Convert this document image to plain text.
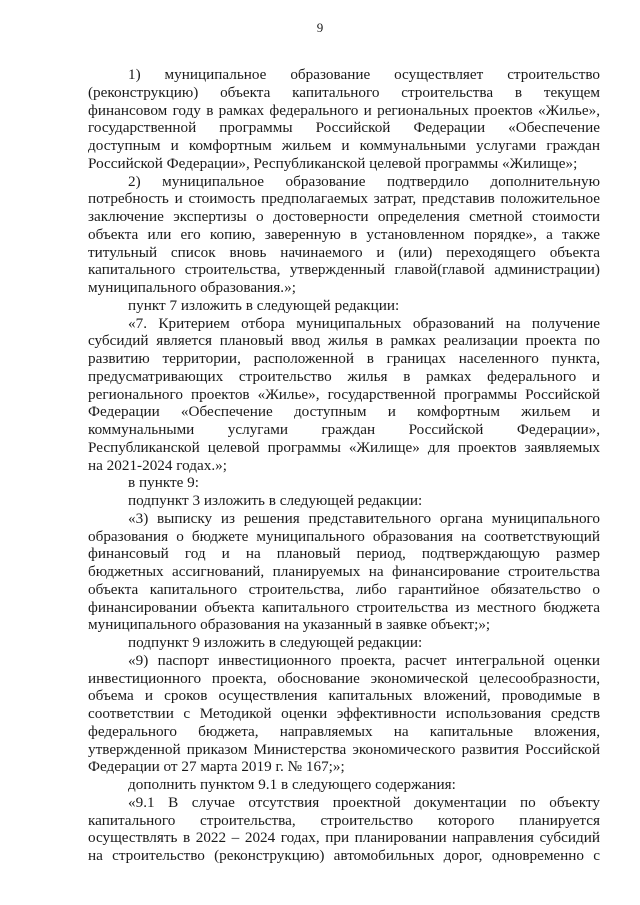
9
1) муниципальное образование осуществляет строительство
(реконструкцию) объекта капитального строительства в текущем
финансовом году в рамках федерального и региональных проектов «Жилье»,
государственной программы Российской Федерации «Обеспечение
доступным и комфортным жильем и коммунальными услугами граждан
Российской Федерации», Республиканской целевой программы «Жилище»;
2) муниципальное образование подтвердило дополнительную
потребность и стоимость предполагаемых затрат, представив положительное
заключение экспертизы о достоверности определения сметной стоимости
объекта или его копию, заверенную в установленном порядке», а также
титульный список вновь начинаемого и (или) переходящего объекта
капитального строительства, утвержденный главой(главой администрации)
муниципального образования.»;
пункт 7 изложить в следующей редакции:
«7. Критерием отбора муниципальных образований на получение
субсидий является плановый ввод жилья в рамках реализации проекта по
развитию территории, расположенной в границах населенного пункта,
предусматривающих строительство жилья в рамках федерального и
регионального проектов «Жилье», государственной программы Российской
Федерации «Обеспечение доступным и комфортным жильем и
коммунальными услугами граждан Российской Федерации»,
Республиканской целевой программы «Жилище» для проектов заявляемых
на 2021-2024 годах.»;
в пункте 9:
подпункт 3 изложить в следующей редакции:
«3) выписку из решения представительного органа муниципального
образования о бюджете муниципального образования на соответствующий
финансовый год и на плановый период, подтверждающую размер
бюджетных ассигнований, планируемых на финансирование строительства
объекта капитального строительства, либо гарантийное обязательство о
финансировании объекта капитального строительства из местного бюджета
муниципального образования на указанный в заявке объект;»;
подпункт 9 изложить в следующей редакции:
«9) паспорт инвестиционного проекта, расчет интегральной оценки
инвестиционного проекта, обоснование экономической целесообразности,
объема и сроков осуществления капитальных вложений, проводимые в
соответствии с Методикой оценки эффективности использования средств
федерального бюджета, направляемых на капитальные вложения,
утвержденной приказом Министерства экономического развития Российской
Федерации от 27 марта 2019 г. № 167;»;
дополнить пунктом 9.1 в следующего содержания:
«9.1 В случае отсутствия проектной документации по объекту
капитального строительства, строительство которого планируется
осуществлять в 2022 – 2024 годах, при планировании направления субсидий
на строительство (реконструкцию) автомобильных дорог, одновременно с
